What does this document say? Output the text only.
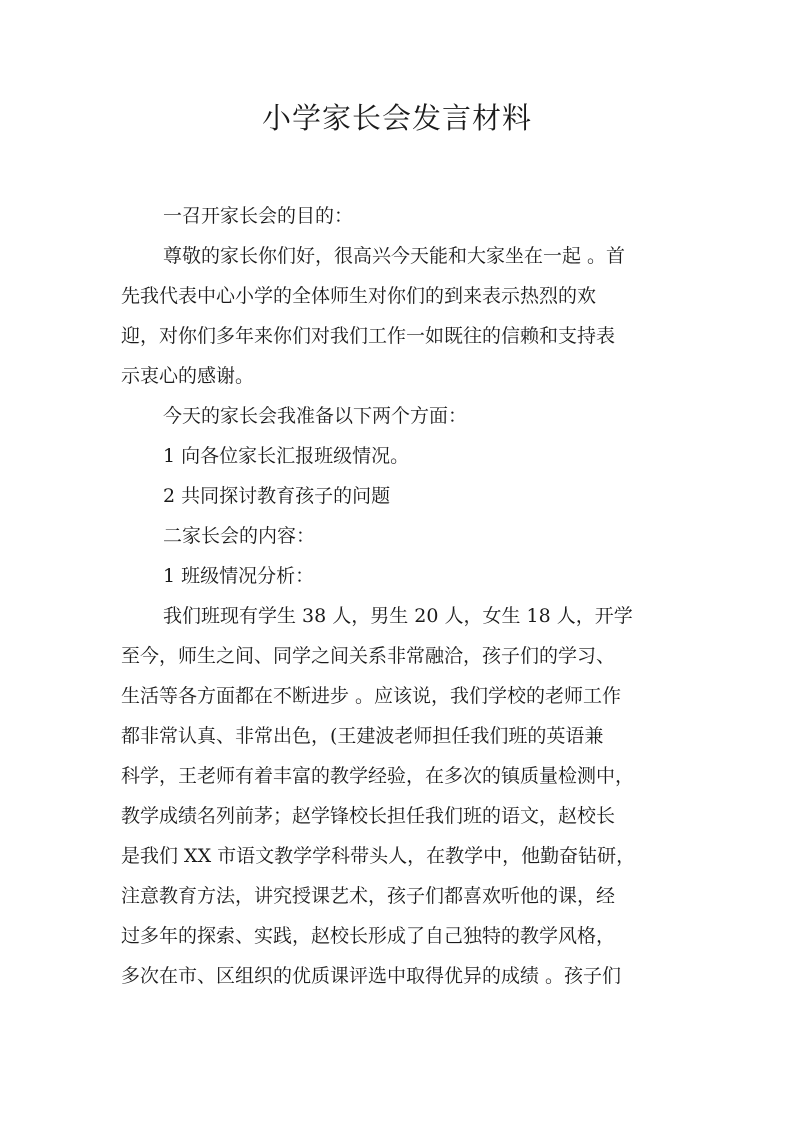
小学家长会发言材料

一召开家长会的目的：

尊敬的家长你们好，很高兴今天能和大家坐在一起 。首

先我代表中心小学的全体师生对你们的到来表示热烈的欢

迎，对你们多年来你们对我们工作一如既往的信赖和支持表

示衷心的感谢。

今天的家长会我准备以下两个方面：

1 向各位家长汇报班级情况。

2 共同探讨教育孩子的问题

二家长会的内容：

1 班级情况分析：

我们班现有学生 38 人，男生 20 人，女生 18 人，开学

至今，师生之间、同学之间关系非常融洽，孩子们的学习、

生活等各方面都在不断进步 。应该说，我们学校的老师工作

都非常认真、非常出色，(王建波老师担任我们班的英语兼

科学，王老师有着丰富的教学经验，在多次的镇质量检测中，

教学成绩名列前茅；赵学锋校长担任我们班的语文，赵校长

是我们 XX 市语文教学学科带头人，在教学中，他勤奋钻研，

注意教育方法，讲究授课艺术，孩子们都喜欢听他的课，经

过多年的探索、实践，赵校长形成了自己独特的教学风格，

多次在市、区组织的优质课评选中取得优异的成绩 。孩子们
